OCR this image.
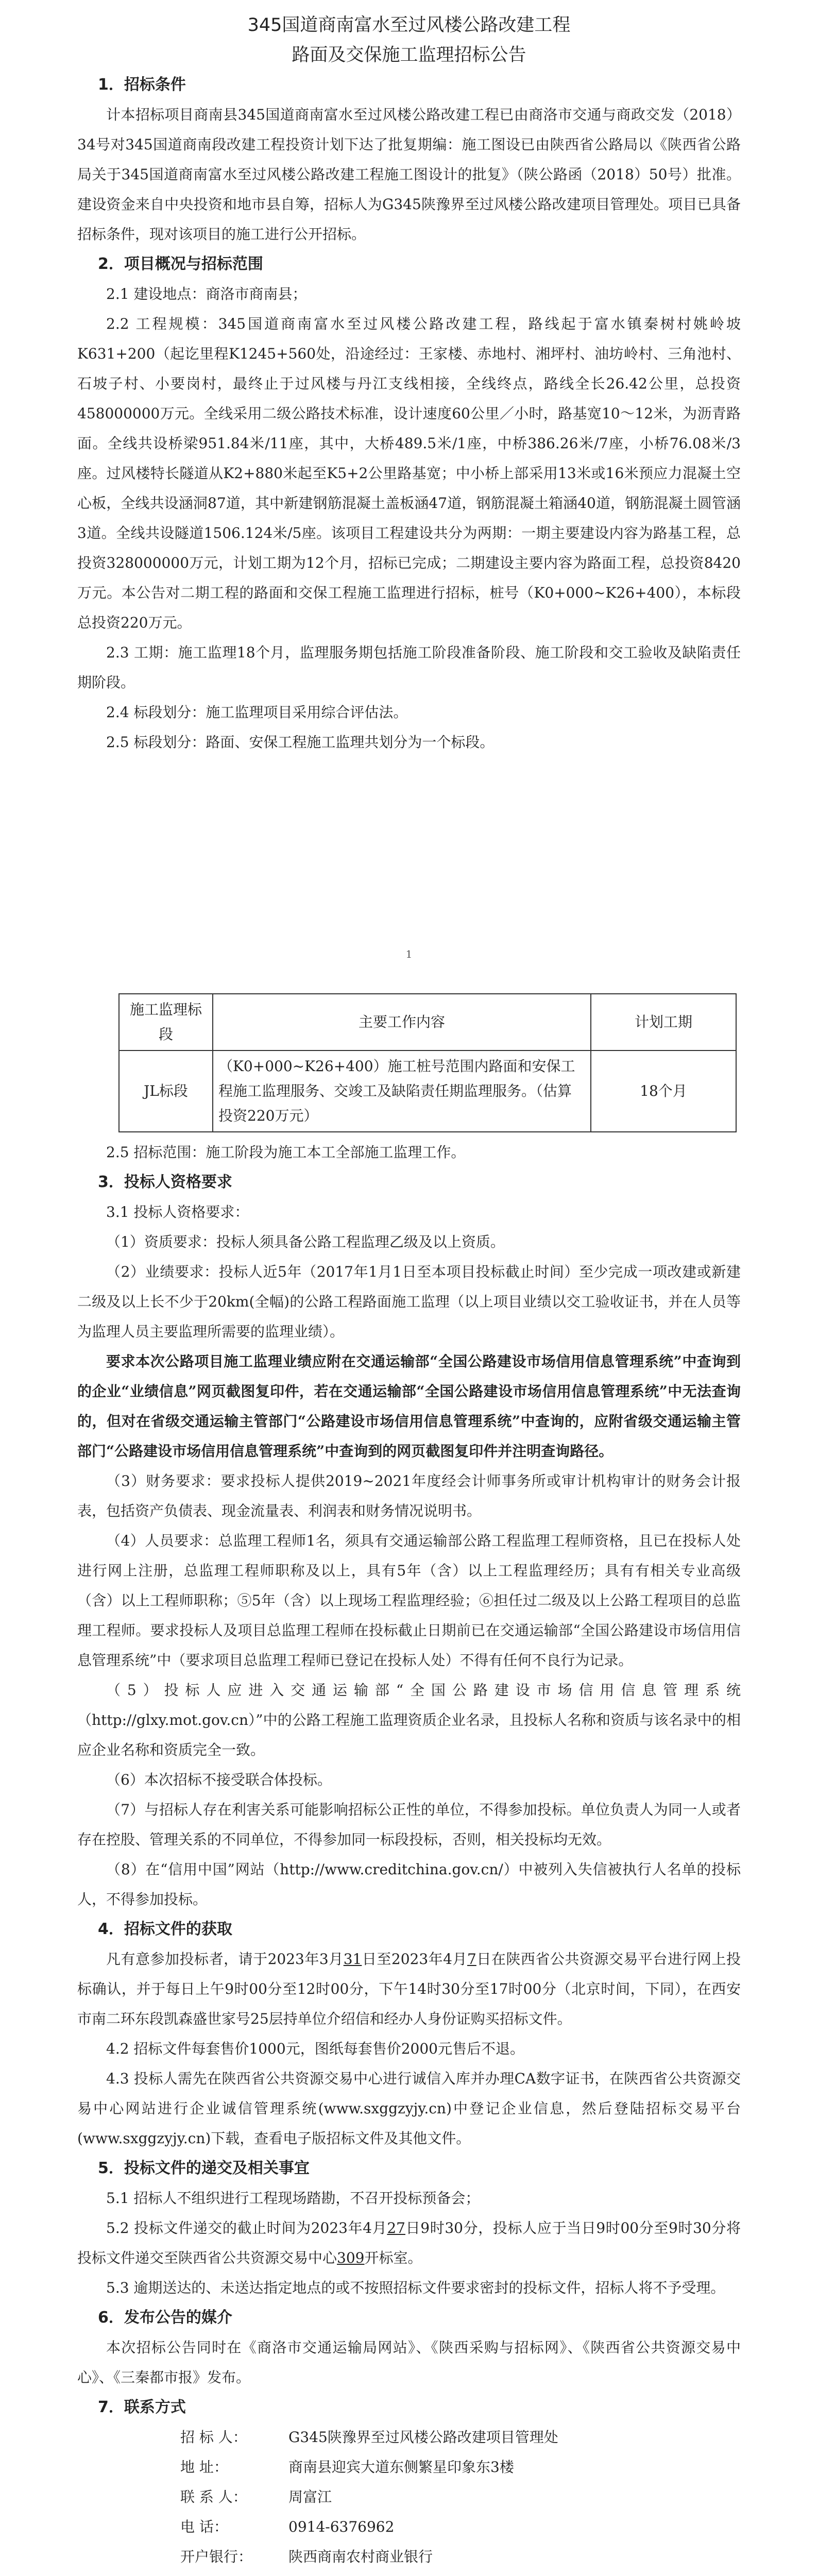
345国道商南富水至过风楼公路改建工程
路面及交保施工监理招标公告
1．招标条件

计本招标项目商南县345国道商南富水至过风楼公路改建工程已由商洛市交通与商政交发（2018）34号对345国道商南段改建工程投资计划下达了批复期编：施工图设已由陕西省公路局以《陕西省公路局关于345国道商南富水至过风楼公路改建工程施工图设计的批复》（陕公路函（2018）50号）批准。建设资金来自中央投资和地市县自筹，招标人为G345陕豫界至过风楼公路改建项目管理处。项目已具备招标条件，现对该项目的施工进行公开招标。

2．项目概况与招标范围

2.1 建设地点：商洛市商南县；

2.2 工程规模：345国道商南富水至过风楼公路改建工程，路线起于富水镇秦树村姚岭坡K631+200（起讫里程K1245+560处，沿途经过：王家楼、赤地村、湘坪村、油坊岭村、三角池村、石坡子村、小要岗村，最终止于过风楼与丹江支线相接，全线终点，路线全长26.42公里，总投资458000000万元。全线采用二级公路技术标准，设计速度60公里／小时，路基宽10～12米，为沥青路面。全线共设桥梁951.84米/11座，其中，大桥489.5米/1座，中桥386.26米/7座，小桥76.08米/3座。过风楼特长隧道从K2+880米起至K5+2公里路基宽；中小桥上部采用13米或16米预应力混凝土空心板，全线共设涵洞87道，其中新建钢筋混凝土盖板涵47道，钢筋混凝土箱涵40道，钢筋混凝土圆管涵3道。全线共设隧道1506.124米/5座。该项目工程建设共分为两期：一期主要建设内容为路基工程，总投资328000000万元，计划工期为12个月，招标已完成；二期建设主要内容为路面工程，总投资8420万元。本公告对二期工程的路面和交保工程施工监理进行招标，桩号（K0+000~K26+400），本标段总投资220万元。

2.3 工期：施工监理18个月，监理服务期包括施工阶段准备阶段、施工阶段和交工验收及缺陷责任期阶段。

2.4 标段划分：施工监理项目采用综合评估法。

2.5 标段划分：路面、安保工程施工监理共划分为一个标段。

1
施工监理标段	主要工作内容	计划工期
JL标段	（K0+000~K26+400）施工桩号范围内路面和安保工程施工监理服务、交竣工及缺陷责任期监理服务。（估算投资220万元）	18个月

2.5 招标范围：施工阶段为施工本工全部施工监理工作。

3．投标人资格要求

3.1 投标人资格要求：

（1）资质要求：投标人须具备公路工程监理乙级及以上资质。

（2）业绩要求：投标人近5年（2017年1月1日至本项目投标截止时间）至少完成一项改建或新建二级及以上长不少于20km(全幅)的公路工程路面施工监理（以上项目业绩以交工验收证书，并在人员等为监理人员主要监理所需要的监理业绩）。

要求本次公路项目施工监理业绩应附在交通运输部“全国公路建设市场信用信息管理系统”中查询到的企业“业绩信息”网页截图复印件，若在交通运输部“全国公路建设市场信用信息管理系统”中无法查询的，但对在省级交通运输主管部门“公路建设市场信用信息管理系统”中查询的，应附省级交通运输主管部门“公路建设市场信用信息管理系统”中查询到的网页截图复印件并注明查询路径。

（3）财务要求：要求投标人提供2019~2021年度经会计师事务所或审计机构审计的财务会计报表，包括资产负债表、现金流量表、利润表和财务情况说明书。

（4）人员要求：总监理工程师1名，须具有交通运输部公路工程监理工程师资格，且已在投标人处进行网上注册，总监理工程师职称及以上，具有5年（含）以上工程监理经历；具有有相关专业高级（含）以上工程师职称；⑤5年（含）以上现场工程监理经验；⑥担任过二级及以上公路工程项目的总监理工程师。要求投标人及项目总监理工程师在投标截止日期前已在交通运输部“全国公路建设市场信用信息管理系统”中（要求项目总监理工程师已登记在投标人处）不得有任何不良行为记录。

（5）投标人应进入交通运输部“全国公路建设市场信用信息管理系统（http://glxy.mot.gov.cn）”中的公路工程施工监理资质企业名录，且投标人名称和资质与该名录中的相应企业名称和资质完全一致。

（6）本次招标不接受联合体投标。

（7）与招标人存在利害关系可能影响招标公正性的单位，不得参加投标。单位负责人为同一人或者存在控股、管理关系的不同单位，不得参加同一标段投标，否则，相关投标均无效。

（8）在“信用中国”网站（http://www.creditchina.gov.cn/）中被列入失信被执行人名单的投标人，不得参加投标。

4．招标文件的获取

凡有意参加投标者，请于2023年3月31日至2023年4月7日在陕西省公共资源交易平台进行网上投标确认，并于每日上午9时00分至12时00分，下午14时30分至17时00分（北京时间，下同），在西安市南二环东段凯森盛世家号25层持单位介绍信和经办人身份证购买招标文件。

4.2 招标文件每套售价1000元，图纸每套售价2000元售后不退。

4.3 投标人需先在陕西省公共资源交易中心进行诚信入库并办理CA数字证书，在陕西省公共资源交易中心网站进行企业诚信管理系统(www.sxggzyjy.cn)中登记企业信息，然后登陆招标交易平台(www.sxggzyjy.cn)下载，查看电子版招标文件及其他文件。

5．投标文件的递交及相关事宜

5.1 招标人不组织进行工程现场踏勘，不召开投标预备会；

5.2 投标文件递交的截止时间为2023年4月27日9时30分，投标人应于当日9时00分至9时30分将投标文件递交至陕西省公共资源交易中心309开标室。

5.3 逾期送达的、未送达指定地点的或不按照招标文件要求密封的投标文件，招标人将不予受理。

6．发布公告的媒介

本次招标公告同时在《商洛市交通运输局网站》、《陕西采购与招标网》、《陕西省公共资源交易中心》、《三秦都市报》发布。

7．联系方式
招 标 人：	G345陕豫界至过风楼公路改建项目管理处
地 址：	商南县迎宾大道东侧繁星印象东3楼
联 系 人：	周富江
电 话：	0914-6376962
开户银行：	陕西商南农村商业银行
